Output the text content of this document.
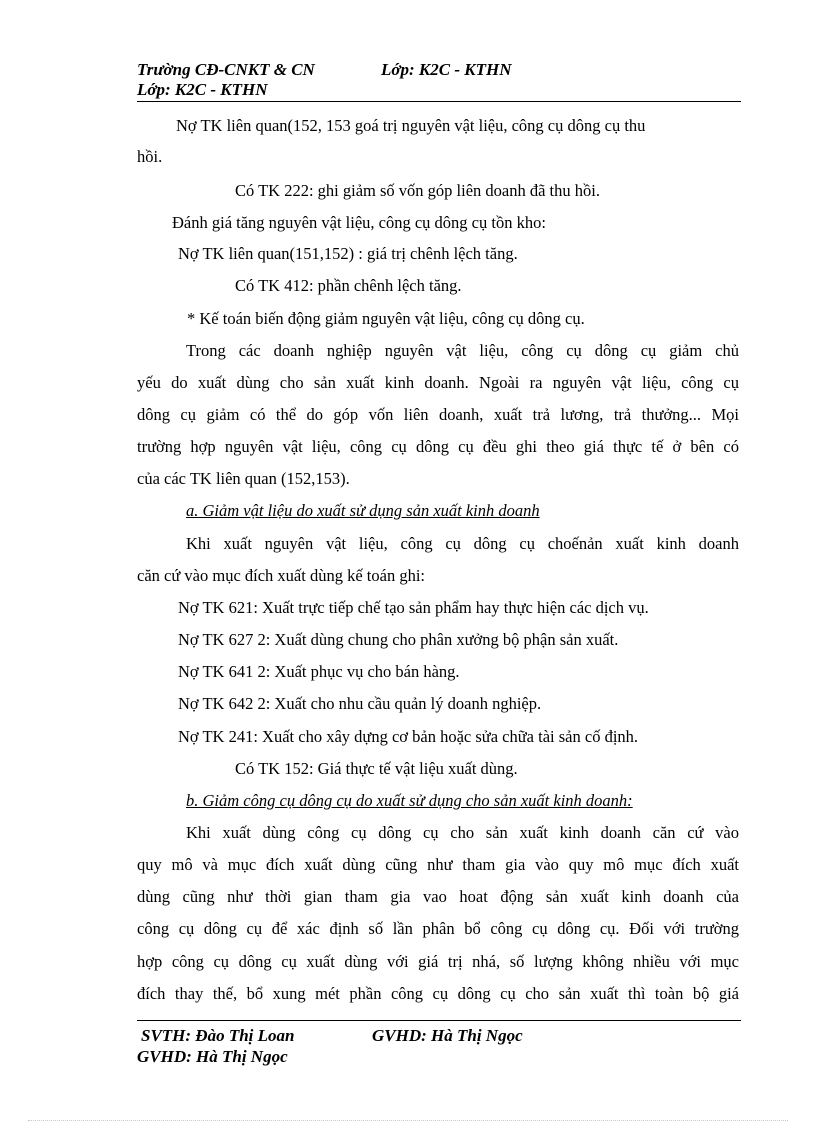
Trường CĐ-CNKT & CN	Lớp: K2C - KTHN
Lớp: K2C - KTHN
Nợ TK liên quan(152, 153 goá trị nguyên vật liệu, công cụ dông cụ thu
hồi.
Có TK 222: ghi giảm số vốn góp liên doanh đã thu hồi.
Đánh giá tăng nguyên vật liệu, công cụ dông cụ tồn kho:
Nợ TK liên quan(151,152) : giá trị chênh lệch tăng.
Có TK 412: phần chênh lệch tăng.
* Kế toán biến động giảm nguyên vật liệu, công cụ dông cụ.
Trong các doanh nghiệp nguyên vật liệu, công cụ dông cụ giảm chủ
yếu do xuất dùng cho sản xuất kinh doanh. Ngoài ra nguyên vật liệu, công cụ
dông cụ giảm có thể do góp vốn liên doanh, xuất trả lương, trả thưởng... Mọi
trường hợp nguyên vật liệu, công cụ dông cụ đều ghi theo giá thực tế ở bên có
của các TK liên quan (152,153).
a. Giảm vật liệu do xuất sử dụng sản xuất kinh doanh
Khi xuất nguyên vật liệu, công cụ dông cụ choếnản xuất kinh doanh
căn cứ vào mục đích xuất dùng kế toán ghi:
Nợ TK 621: Xuất trực tiếp chế tạo sản phẩm hay thực hiện các dịch vụ.
Nợ TK 627 2: Xuất dùng chung cho phân xưởng bộ phận sản xuất.
Nợ TK 641 2: Xuất phục vụ cho bán hàng.
Nợ TK 642 2: Xuất cho nhu cầu quản lý doanh nghiệp.
Nợ TK 241: Xuất cho xây dựng cơ bản hoặc sửa chữa tài sản cố định.
Có TK 152: Giá thực tế vật liệu xuất dùng.
b. Giảm công cụ dông cụ do xuất sử dụng cho sản xuất kinh doanh:
Khi xuất dùng công cụ dông cụ cho sản xuất kinh doanh căn cứ vào
quy mô và mục đích xuất dùng cũng như tham gia vào quy mô mục đích xuất
dùng cũng như thời gian tham gia vao hoat động sản xuất kinh doanh của
công cụ dông cụ để xác định số lần phân bổ công cụ dông cụ. Đối với trường
hợp công cụ dông cụ xuất dùng với giá trị nhá, số lượng không nhiều với mục
đích thay thế, bổ xung mét phần công cụ dông cụ cho sản xuất thì toàn bộ giá
SVTH: Đào Thị Loan	GVHD: Hà Thị Ngọc
GVHD: Hà Thị Ngọc
